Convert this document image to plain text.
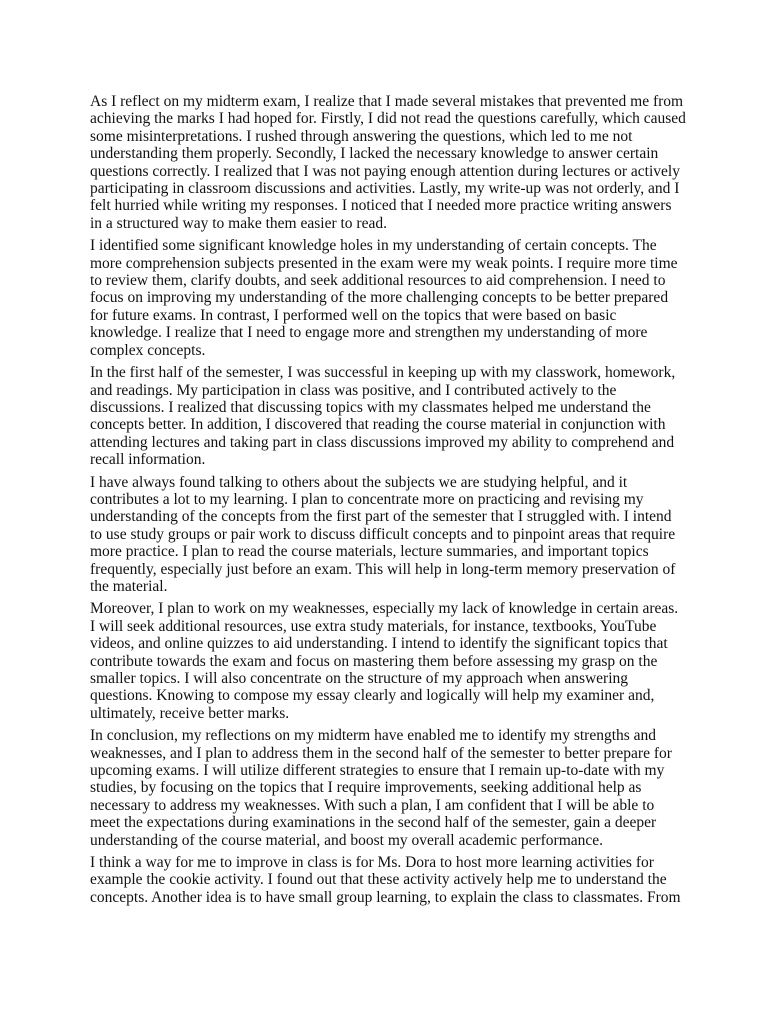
As I reflect on my midterm exam, I realize that I made several mistakes that prevented me from achieving the marks I had hoped for. Firstly, I did not read the questions carefully, which caused some misinterpretations. I rushed through answering the questions, which led to me not understanding them properly. Secondly, I lacked the necessary knowledge to answer certain questions correctly. I realized that I was not paying enough attention during lectures or actively participating in classroom discussions and activities. Lastly, my write-up was not orderly, and I felt hurried while writing my responses. I noticed that I needed more practice writing answers in a structured way to make them easier to read.

I identified some significant knowledge holes in my understanding of certain concepts. The more comprehension subjects presented in the exam were my weak points. I require more time to review them, clarify doubts, and seek additional resources to aid comprehension. I need to focus on improving my understanding of the more challenging concepts to be better prepared for future exams. In contrast, I performed well on the topics that were based on basic knowledge. I realize that I need to engage more and strengthen my understanding of more complex concepts.

In the first half of the semester, I was successful in keeping up with my classwork, homework, and readings. My participation in class was positive, and I contributed actively to the discussions. I realized that discussing topics with my classmates helped me understand the concepts better. In addition, I discovered that reading the course material in conjunction with attending lectures and taking part in class discussions improved my ability to comprehend and recall information.

I have always found talking to others about the subjects we are studying helpful, and it contributes a lot to my learning. I plan to concentrate more on practicing and revising my understanding of the concepts from the first part of the semester that I struggled with. I intend to use study groups or pair work to discuss difficult concepts and to pinpoint areas that require more practice. I plan to read the course materials, lecture summaries, and important topics frequently, especially just before an exam. This will help in long-term memory preservation of the material.

Moreover, I plan to work on my weaknesses, especially my lack of knowledge in certain areas. I will seek additional resources, use extra study materials, for instance, textbooks, YouTube videos, and online quizzes to aid understanding. I intend to identify the significant topics that contribute towards the exam and focus on mastering them before assessing my grasp on the smaller topics. I will also concentrate on the structure of my approach when answering questions. Knowing to compose my essay clearly and logically will help my examiner and, ultimately, receive better marks.

In conclusion, my reflections on my midterm have enabled me to identify my strengths and weaknesses, and I plan to address them in the second half of the semester to better prepare for upcoming exams. I will utilize different strategies to ensure that I remain up-to-date with my studies, by focusing on the topics that I require improvements, seeking additional help as necessary to address my weaknesses. With such a plan, I am confident that I will be able to meet the expectations during examinations in the second half of the semester, gain a deeper understanding of the course material, and boost my overall academic performance.

I think a way for me to improve in class is for Ms. Dora to host more learning activities for example the cookie activity. I found out that these activity actively help me to understand the concepts. Another idea is to have small group learning, to explain the class to classmates. From
